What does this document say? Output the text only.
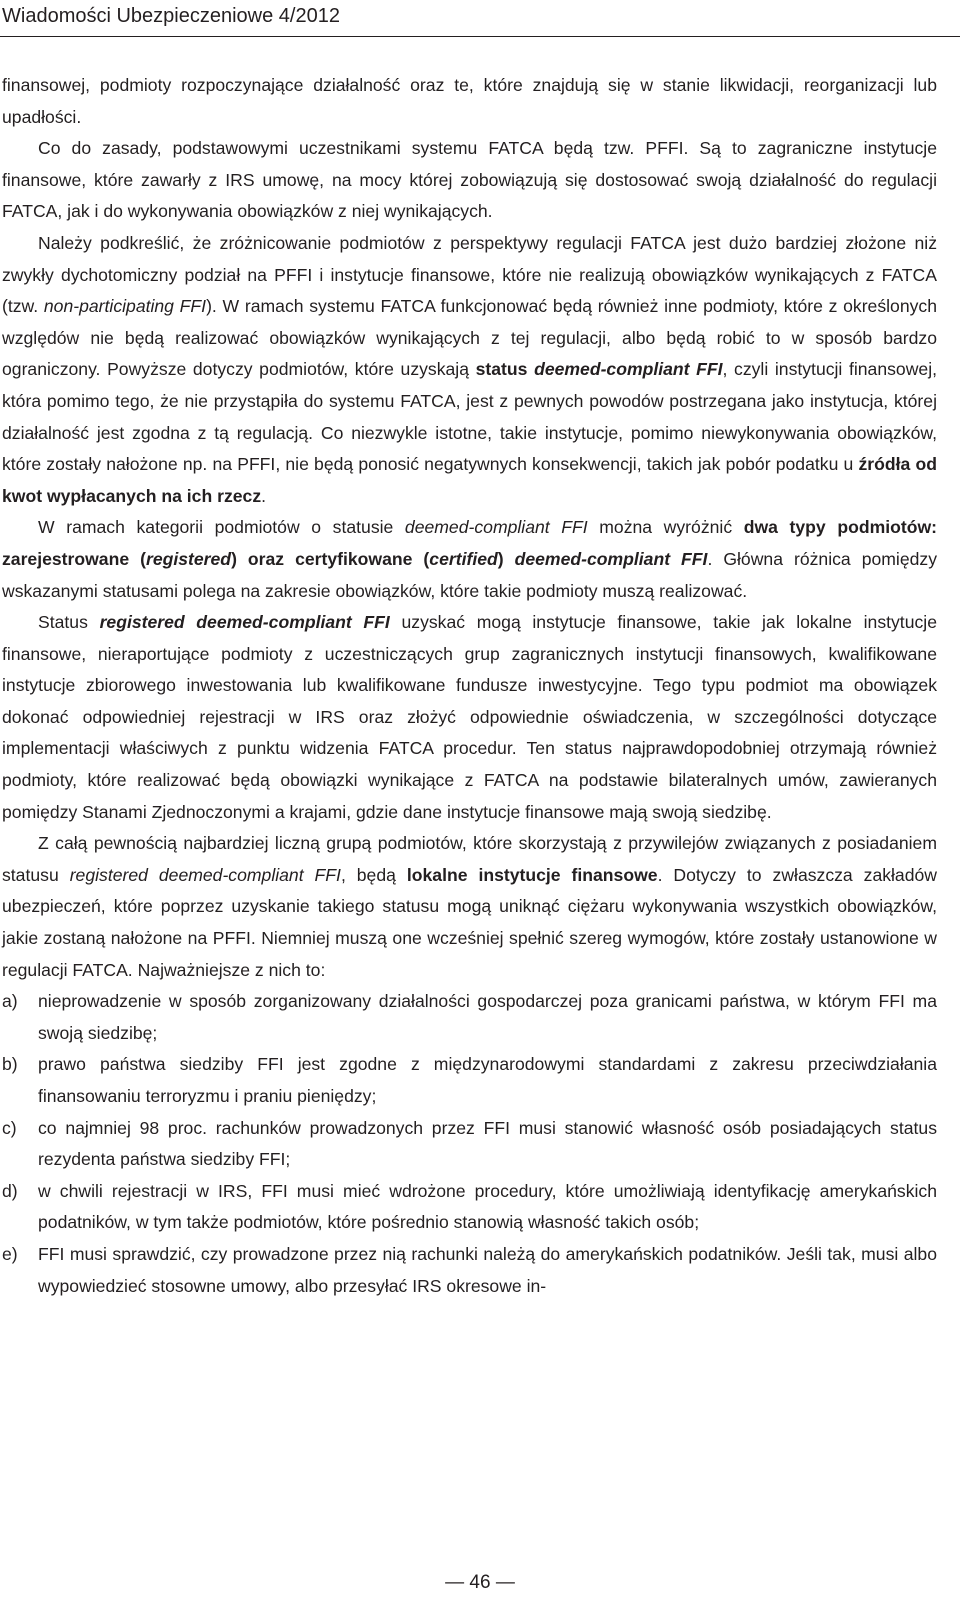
Wiadomości Ubezpieczeniowe 4/2012

finansowej, podmioty rozpoczynające działalność oraz te, które znajdują się w stanie likwidacji, reorganizacji lub upadłości.

Co do zasady, podstawowymi uczestnikami systemu FATCA będą tzw. PFFI. Są to zagraniczne instytucje finansowe, które zawarły z IRS umowę, na mocy której zobowiązują się dostosować swoją działalność do regulacji FATCA, jak i do wykonywania obowiązków z niej wynikających.

Należy podkreślić, że zróżnicowanie podmiotów z perspektywy regulacji FATCA jest dużo bardziej złożone niż zwykły dychotomiczny podział na PFFI i instytucje finansowe, które nie realizują obowiązków wynikających z FATCA (tzw. non-participating FFI). W ramach systemu FATCA funkcjonować będą również inne podmioty, które z określonych względów nie będą realizować obowiązków wynikających z tej regulacji, albo będą robić to w sposób bardzo ograniczony. Powyższe dotyczy podmiotów, które uzyskają status deemed-compliant FFI, czyli instytucji finansowej, która pomimo tego, że nie przystąpiła do systemu FATCA, jest z pewnych powodów postrzegana jako instytucja, której działalność jest zgodna z tą regulacją. Co niezwykle istotne, takie instytucje, pomimo niewykonywania obowiązków, które zostały nałożone np. na PFFI, nie będą ponosić negatywnych konsekwencji, takich jak pobór podatku u źródła od kwot wypłacanych na ich rzecz.

W ramach kategorii podmiotów o statusie deemed-compliant FFI można wyróżnić dwa typy podmiotów: zarejestrowane (registered) oraz certyfikowane (certified) deemed-compliant FFI. Główna różnica pomiędzy wskazanymi statusami polega na zakresie obowiązków, które takie podmioty muszą realizować.

Status registered deemed-compliant FFI uzyskać mogą instytucje finansowe, takie jak lokalne instytucje finansowe, nieraportujące podmioty z uczestniczących grup zagranicznych instytucji finansowych, kwalifikowane instytucje zbiorowego inwestowania lub kwalifikowane fundusze inwestycyjne. Tego typu podmiot ma obowiązek dokonać odpowiedniej rejestracji w IRS oraz złożyć odpowiednie oświadczenia, w szczególności dotyczące implementacji właściwych z punktu widzenia FATCA procedur. Ten status najprawdopodobniej otrzymają również podmioty, które realizować będą obowiązki wynikające z FATCA na podstawie bilateralnych umów, zawieranych pomiędzy Stanami Zjednoczonymi a krajami, gdzie dane instytucje finansowe mają swoją siedzibę.

Z całą pewnością najbardziej liczną grupą podmiotów, które skorzystają z przywilejów związanych z posiadaniem statusu registered deemed-compliant FFI, będą lokalne instytucje finansowe. Dotyczy to zwłaszcza zakładów ubezpieczeń, które poprzez uzyskanie takiego statusu mogą uniknąć ciężaru wykonywania wszystkich obowiązków, jakie zostaną nałożone na PFFI. Niemniej muszą one wcześniej spełnić szereg wymogów, które zostały ustanowione w regulacji FATCA. Najważniejsze z nich to:

a)	nieprowadzenie w sposób zorganizowany działalności gospodarczej poza granicami państwa, w którym FFI ma swoją siedzibę;
b)	prawo państwa siedziby FFI jest zgodne z międzynarodowymi standardami z zakresu przeciwdziałania finansowaniu terroryzmu i praniu pieniędzy;
c)	co najmniej 98 proc. rachunków prowadzonych przez FFI musi stanowić własność osób posiadających status rezydenta państwa siedziby FFI;
d)	w chwili rejestracji w IRS, FFI musi mieć wdrożone procedury, które umożliwiają identyfikację amerykańskich podatników, w tym także podmiotów, które pośrednio stanowią własność takich osób;
e)	FFI musi sprawdzić, czy prowadzone przez nią rachunki należą do amerykańskich podatników. Jeśli tak, musi albo wypowiedzieć stosowne umowy, albo przesyłać IRS okresowe in-
— 46 —
